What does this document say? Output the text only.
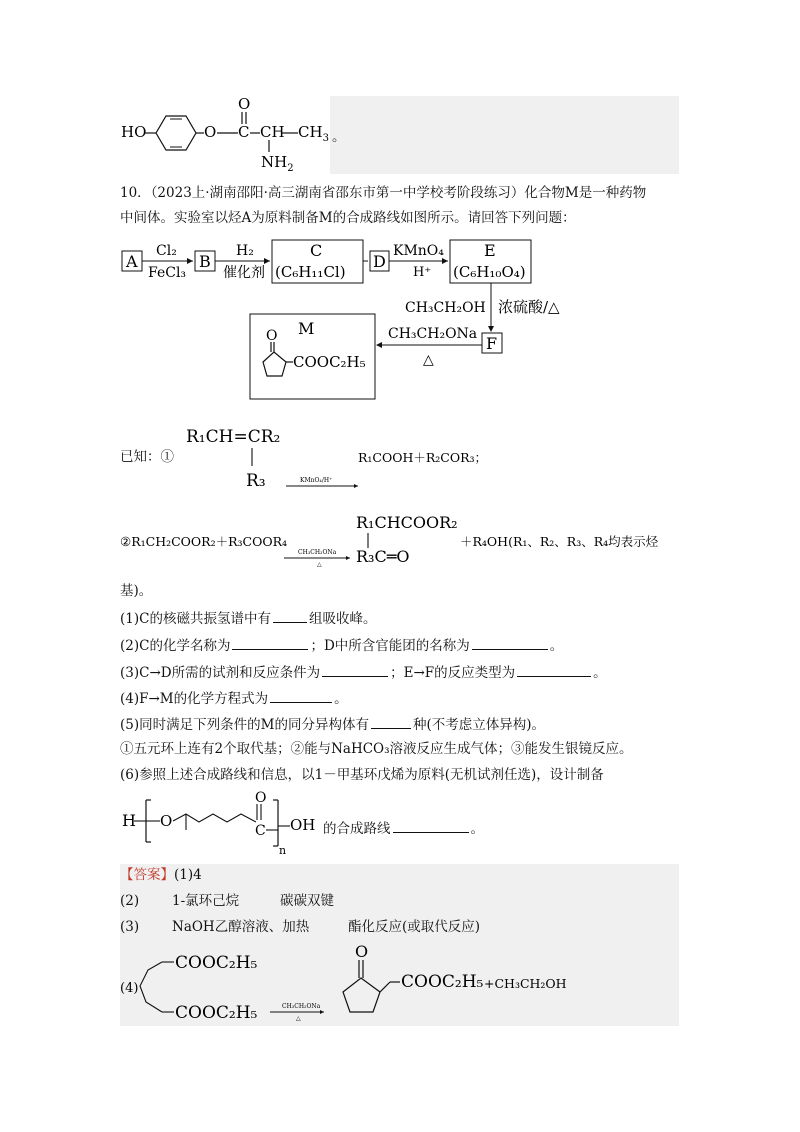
HO	O C
O
CH $CH_3$
$NH_2$
。
10．（2023上·湖南邵阳·高三湖南省邵东市第一中学校考阶段练习）化合物M是一种药物
中间体。实验室以烃A为原料制备M的合成路线如图所示。请回答下列问题：
A
Cl₂
FeCl₃
B
H₂
催化剂
C
(C₆H₁₁Cl)
D
KMnO₄
H⁺
E
(C₆H₁₀O₄)
CH₃CH₂OH 浓硫酸/△
F
CH₃CH₂ONa
△
M
O
COOC₂H₅
已知：①
R₁CH=CR₂
R₃	KMnO₄/H⁺
R₁COOH＋R₂COR₃；
②R₁CH₂COOR₂＋R₃COOR₄
CH₃CH₂ONa
△
R₁CHCOOR₂
R₃C═O
＋R₄OH(R₁、R₂、R₃、R₄均表示烃
基)。
(1)C的核磁共振氢谱中有	组吸收峰。
(2)C的化学名称为	；D中所含官能团的名称为	。
(3)C→D所需的试剂和反应条件为	；E→F的反应类型为	。
(4)F→M的化学方程式为	。
(5)同时满足下列条件的M的同分异构体有	种(不考虑立体异构)。
①五元环上连有2个取代基；②能与NaHCO₃溶液反应生成气体；③能发生银镜反应。
(6)参照上述合成路线和信息，以1－甲基环戊烯为原料(无机试剂任选)，设计制备
H O
O
C OH
n
的合成路线	。
【答案】(1)4
(2) 1-氯环己烷	碳碳双键
(3) NaOH乙醇溶液、加热	酯化反应(或取代反应)
(4)
COOC₂H₅
COOC₂H₅	CH₃CH₂ONa
△
O
COOC₂H₅ +CH₃CH₂OH
